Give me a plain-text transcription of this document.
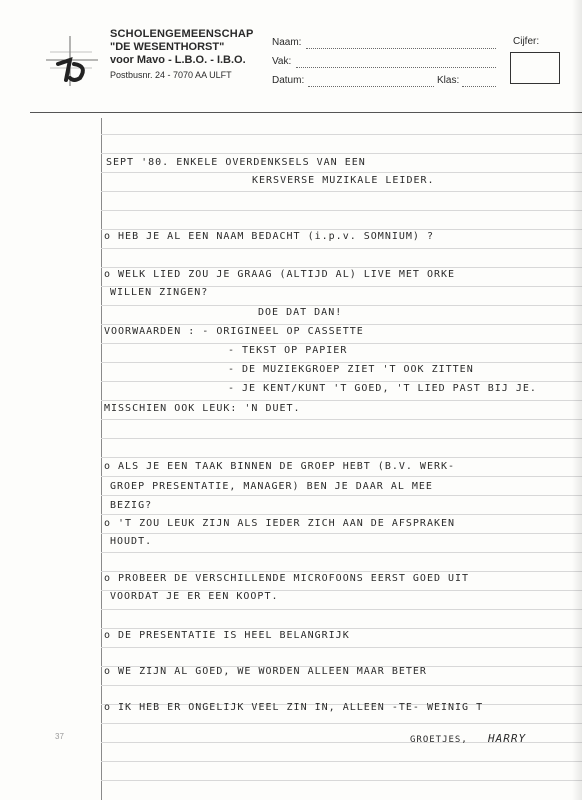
SCHOLENGEMEENSCHAP
"DE WESENTHORST"
voor Mavo - L.B.O. - I.B.O.
Postbusnr. 24 - 7070 AA ULFT
Naam:
Vak:
Datum:	Klas:
Cijfer:
SEPT '80. ENKELE OVERDENKSELS VAN EEN
KERSVERSE MUZIKALE LEIDER.
o HEB JE AL EEN NAAM BEDACHT (i.p.v. SOMNIUM) ?
o WELK LIED ZOU JE GRAAG (ALTIJD AL) LIVE MET ORKE
WILLEN ZINGEN?
DOE DAT DAN!
VOORWAARDEN : - ORIGINEEL OP CASSETTE
- TEKST OP PAPIER
- DE MUZIEKGROEP ZIET 'T OOK ZITTEN
- JE KENT/KUNT 'T GOED, 'T LIED PAST BIJ JE.
MISSCHIEN OOK LEUK: 'N DUET.
o ALS JE EEN TAAK BINNEN DE GROEP HEBT (B.V. WERK-
GROEP PRESENTATIE, MANAGER) BEN JE DAAR AL MEE
BEZIG?
o 'T ZOU LEUK ZIJN ALS IEDER ZICH AAN DE AFSPRAKEN
HOUDT.
o PROBEER DE VERSCHILLENDE MICROFOONS EERST GOED UIT
VOORDAT JE ER EEN KOOPT.
o DE PRESENTATIE IS HEEL BELANGRIJK
o WE ZIJN AL GOED, WE WORDEN ALLEEN MAAR BETER
o IK HEB ER ONGELIJK VEEL ZIN IN, ALLEEN -TE- WEINIG T
GROETJES, HARRY
37
